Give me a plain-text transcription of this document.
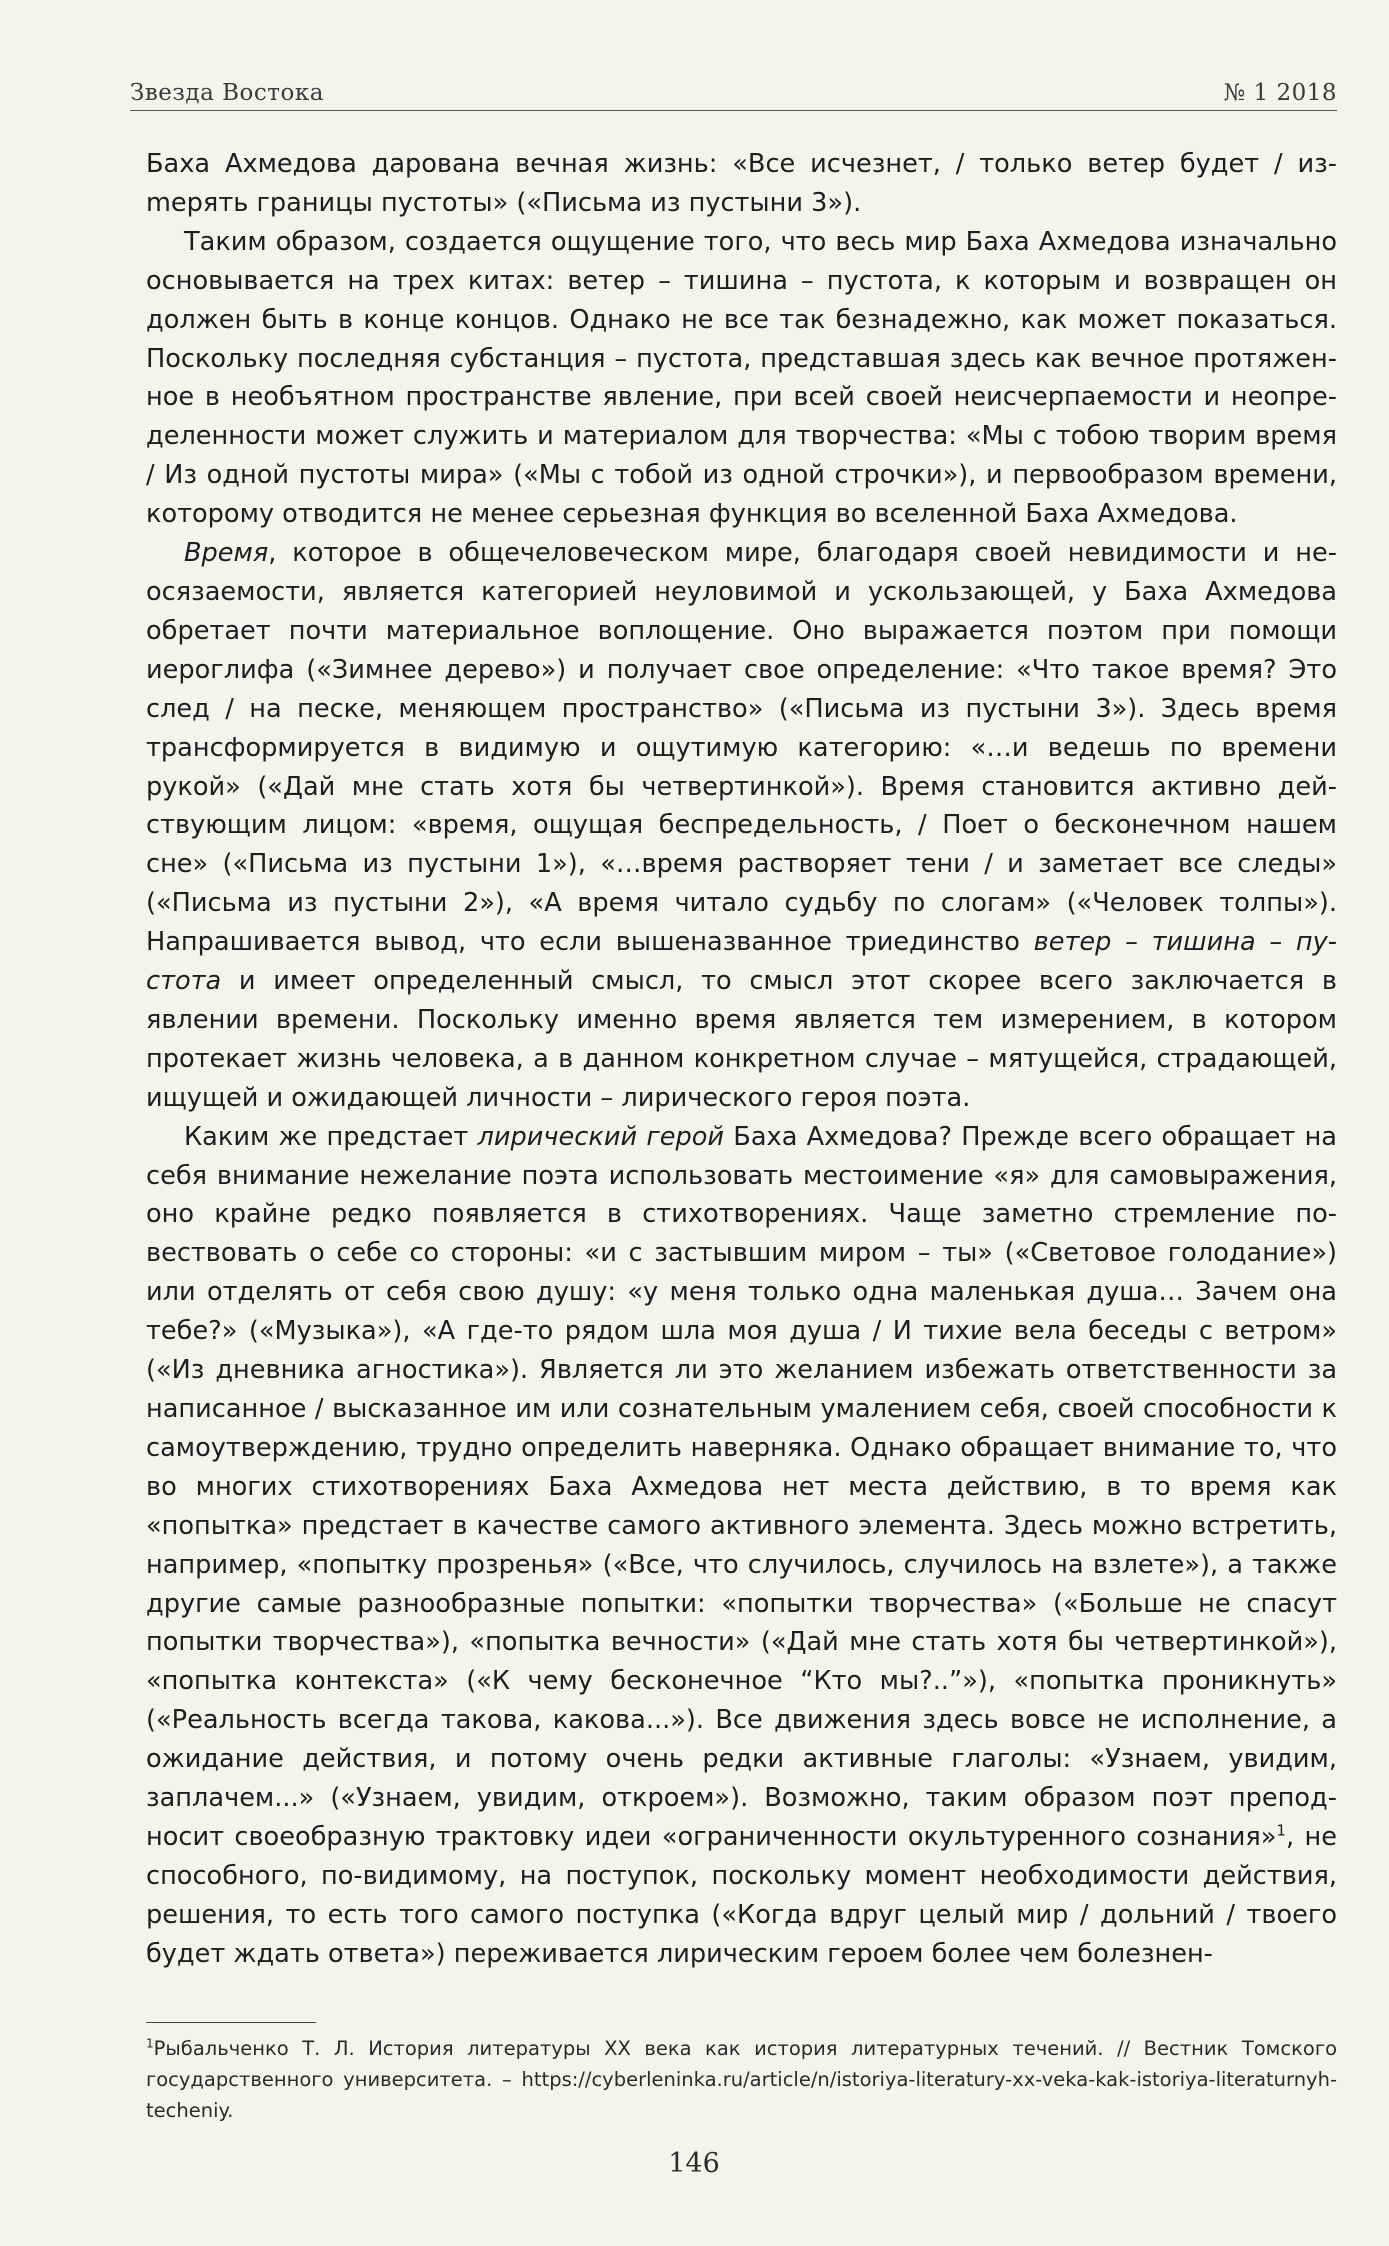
Звезда Востока	№ 1 2018

Баха Ахмедова дарована вечная жизнь: «Все исчезнет, / только ветер будет / изmерять границы пустоты» («Письма из пустыни 3»).

Таким образом, создается ощущение того, что весь мир Баха Ахмедова изначально основывается на трех китах: ветер – тишина – пустота, к которым и возвращен он должен быть в конце концов. Однако не все так безнадежно, как может показаться. Поскольку последняя субстанция – пустота, представшая здесь как вечное протяженное в необъятном пространстве явление, при всей своей неисчерпаемости и неопределенности может служить и материалом для творчества: «Мы с тобою творим время / Из одной пустоты мира» («Мы с тобой из одной строчки»), и первообразом времени, которому отводится не менее серьезная функция во вселенной Баха Ахмедова.

Время, которое в общечеловеческом мире, благодаря своей невидимости и неосязаемости, является категорией неуловимой и ускользающей, у Баха Ахмедова обретает почти материальное воплощение. Оно выражается поэтом при помощи иероглифа («Зимнее дерево») и получает свое определение: «Что такое время? Это след / на песке, меняющем пространство» («Письма из пустыни 3»). Здесь время трансформируется в видимую и ощутимую категорию: «…и ведешь по времени рукой» («Дай мне стать хотя бы четвертинкой»). Время становится активно действующим лицом: «время, ощущая беспредельность, / Поет о бесконечном нашем сне» («Письма из пустыни 1»), «…время растворяет тени / и заметает все следы» («Письма из пустыни 2»), «А время читало судьбу по слогам» («Человек толпы»). Напрашивается вывод, что если вышеназванное триединство ветер – тишина – пустота и имеет определенный смысл, то смысл этот скорее всего заключается в явлении времени. Поскольку именно время является тем измерением, в котором протекает жизнь человека, а в данном конкретном случае – мятущейся, страдающей, ищущей и ожидающей личности – лирического героя поэта.

Каким же предстает лирический герой Баха Ахмедова? Прежде всего обращает на себя внимание нежелание поэта использовать местоимение «я» для самовыражения, оно крайне редко появляется в стихотворениях. Чаще заметно стремление повествовать о себе со стороны: «и с застывшим миром – ты» («Световое голодание») или отделять от себя свою душу: «у меня только одна маленькая душа… Зачем она тебе?» («Музыка»), «А где-то рядом шла моя душа / И тихие вела беседы с ветром» («Из дневника агностика»). Является ли это желанием избежать ответственности за написанное / высказанное им или сознательным умалением себя, своей способности к самоутверждению, трудно определить наверняка. Однако обращает внимание то, что во многих стихотворениях Баха Ахмедова нет места действию, в то время как «попытка» предстает в качестве самого активного элемента. Здесь можно встретить, например, «попытку прозренья» («Все, что случилось, случилось на взлете»), а также другие самые разнообразные попытки: «попытки творчества» («Больше не спасут попытки творчества»), «попытка вечности» («Дай мне стать хотя бы четвертинкой»), «попытка контекста» («К чему бесконечное “Кто мы?..”»), «попытка проникнуть» («Реальность всегда такова, какова...»). Все движения здесь вовсе не исполнение, а ожидание действия, и потому очень редки активные глаголы: «Узнаем, увидим, заплачем...» («Узнаем, увидим, откроем»). Возможно, таким образом поэт преподносит своеобразную трактовку идеи «ограниченности окультуренного сознания»$^1$, не способного, по-видимому, на поступок, поскольку момент необходимости действия, решения, то есть того самого поступка («Когда вдруг целый мир / дольний / твоего будет ждать ответа») переживается лирическим героем более чем болезнен-

$^1$Рыбальченко Т. Л. История литературы XX века как история литературных течений. // Вестник Томского государственного университета. – https://cyberleninka.ru/article/n/istoriya-literatury-xx-veka-kak-istoriya-literaturnyh-techeniy.
146
